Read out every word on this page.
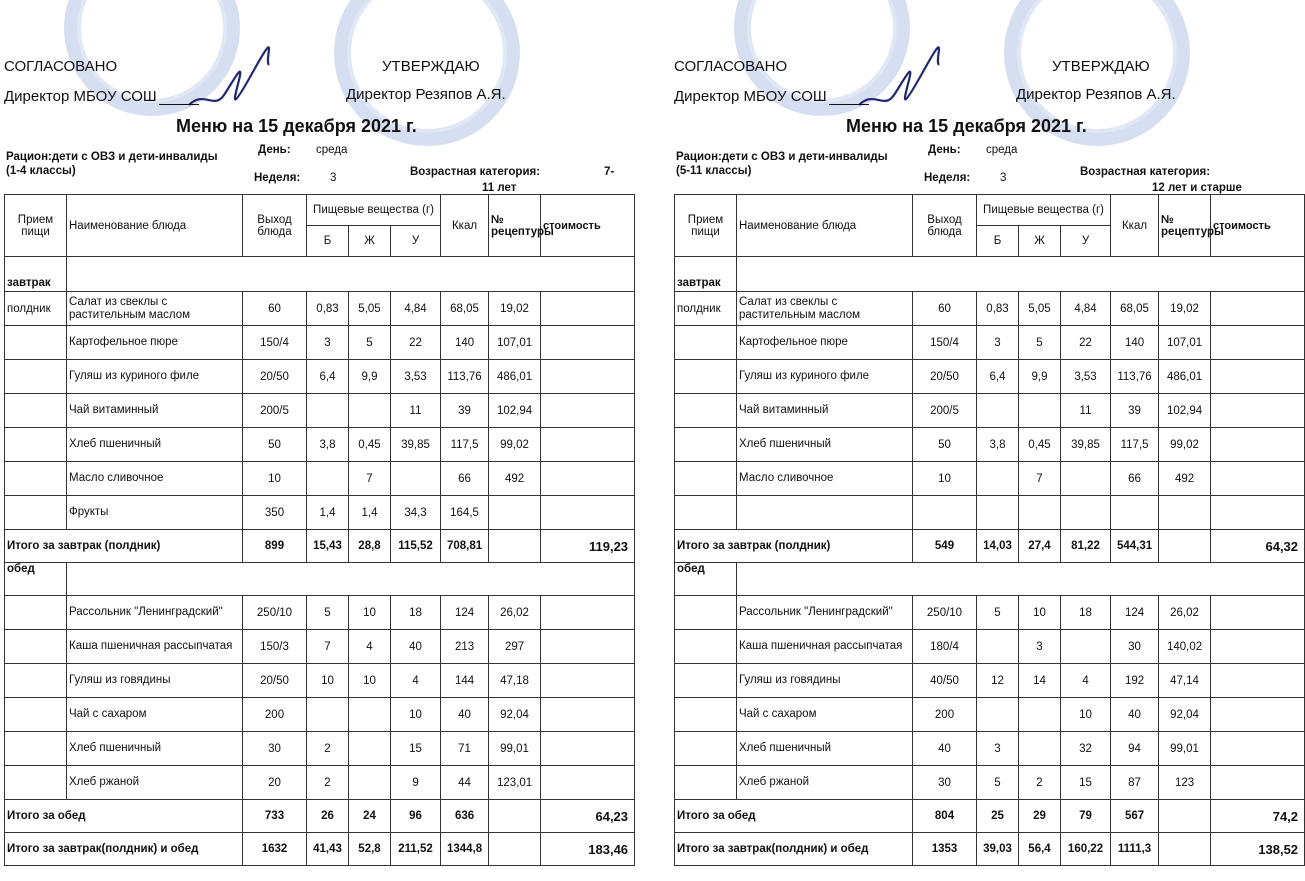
СОГЛАСОВАНО
Директор МБОУ СОШ
УТВЕРЖДАЮ
Директор Резяпов А.Я.
Меню на 15 декабря 2021 г.
Рацион:дети с ОВЗ и дети-инвалиды (1-4 классы)
День: среда
Неделя:	3	Возрастная категория:
11 лет
7-
Прием пищи	Наименование блюда	Выход блюда	Пищевые вещества (г)			Ккал	№ рецептуры	стоимость
			Б	Ж	У			
завтрак								
полдник	Салат из свеклы с растительным маслом	60	0,83	5,05	4,84	68,05	19,02	
	Картофельное пюре	150/4	3	5	22	140	107,01	
	Гуляш из куриного филе	20/50	6,4	9,9	3,53	113,76	486,01	
	Чай витаминный	200/5			11	39	102,94	
	Хлеб пшеничный	50	3,8	0,45	39,85	117,5	99,02	
	Масло сливочное	10		7		66	492	
	Фрукты	350	1,4	1,4	34,3	164,5		
Итого за завтрак (полдник)		899	15,43	28,8	115,52	708,81		119,23
обед								
	Рассольник "Ленинградский"	250/10	5	10	18	124	26,02	
	Каша пшеничная рассыпчатая	150/3	7	4	40	213	297	
	Гуляш из говядины	20/50	10	10	4	144	47,18	
	Чай с сахаром	200			10	40	92,04	
	Хлеб пшеничный	30	2		15	71	99,01	
	Хлеб ржаной	20	2		9	44	123,01	
Итого за обед		733	26	24	96	636		64,23
Итого за завтрак(полдник) и обед		1632	41,43	52,8	211,52	1344,8		183,46
СОГЛАСОВАНО
Директор МБОУ СОШ
УТВЕРЖДАЮ
Директор Резяпов А.Я.
Меню на 15 декабря 2021 г.
Рацион:дети с ОВЗ и дети-инвалиды (5-11 классы)
День: среда
Неделя:	3	Возрастная категория:
12 лет и старше
Прием пищи	Наименование блюда	Выход блюда	Пищевые вещества (г)			Ккал	№ рецептуры	стоимость
			Б	Ж	У			
завтрак								
полдник	Салат из свеклы с растительным маслом	60	0,83	5,05	4,84	68,05	19,02	
	Картофельное пюре	150/4	3	5	22	140	107,01	
	Гуляш из куриного филе	20/50	6,4	9,9	3,53	113,76	486,01	
	Чай витаминный	200/5			11	39	102,94	
	Хлеб пшеничный	50	3,8	0,45	39,85	117,5	99,02	
	Масло сливочное	10		7		66	492	

Итого за завтрак (полдник)		549	14,03	27,4	81,22	544,31		64,32
обед								
	Рассольник "Ленинградский"	250/10	5	10	18	124	26,02	
	Каша пшеничная рассыпчатая	180/4		3		30	140,02	
	Гуляш из говядины	40/50	12	14	4	192	47,14	
	Чай с сахаром	200			10	40	92,04	
	Хлеб пшеничный	40	3		32	94	99,01	
	Хлеб ржаной	30	5	2	15	87	123	
Итого за обед		804	25	29	79	567		74,2
Итого за завтрак(полдник) и обед		1353	39,03	56,4	160,22	1111,3		138,52
